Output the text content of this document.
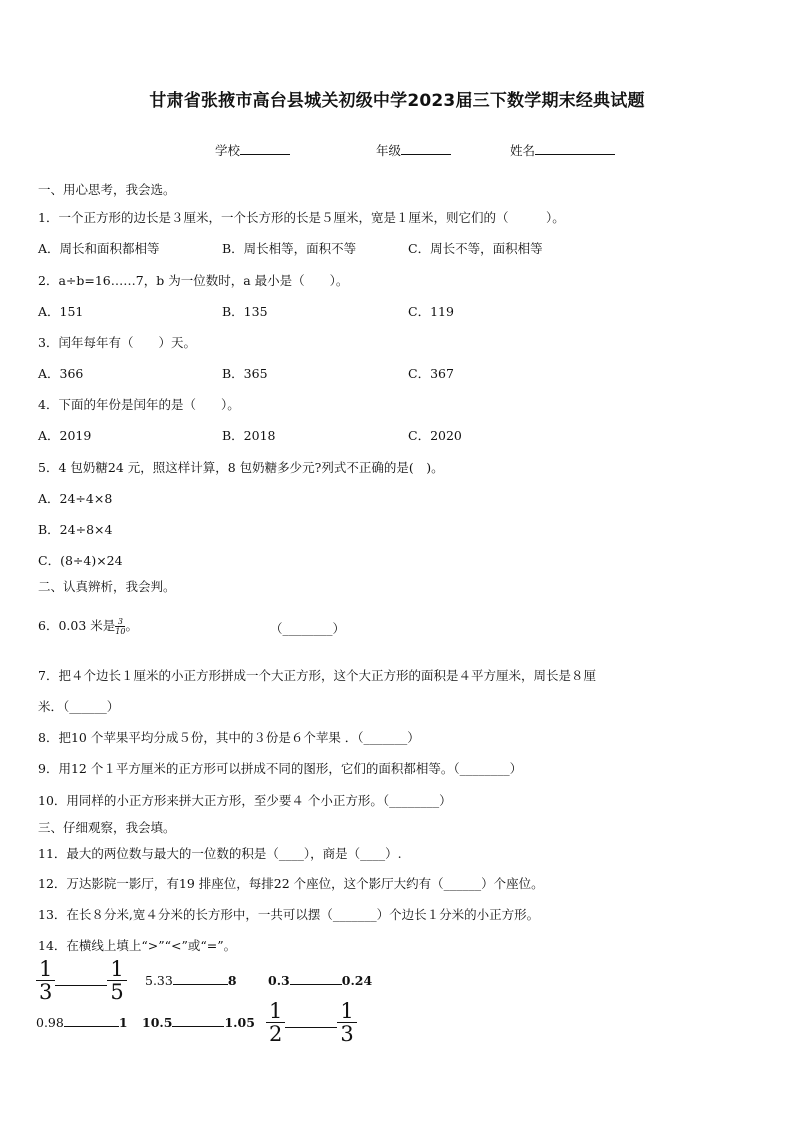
甘肃省张掖市高台县城关初级中学2023届三下数学期末经典试题
学校	年级	姓名
一、用心思考，我会选。
1．一个正方形的边长是３厘米，一个长方形的长是５厘米，宽是１厘米，则它们的（　　　）。
A．周长和面积都相等	B．周长相等，面积不等	C．周长不等，面积相等
2．a÷b=16……7，b 为一位数时，a 最小是（　　）。
A．151	B．135	C．119
3．闰年每年有（　　）天。
A．366	B．365	C．367
4．下面的年份是闰年的是（　　）。
A．2019	B．2018	C．2020
5．4 包奶糖24 元，照这样计算，8 包奶糖多少元?列式不正确的是(　)。
A．24÷4×8
B．24÷8×4
C．(8÷4)×24
二、认真辨析，我会判。
6．0.03 米是 $\frac{3}{10}$ 。	（________）
7．把４个边长１厘米的小正方形拼成一个大正方形，这个大正方形的面积是４平方厘米，周长是８厘
米．（______）
8．把10 个苹果平均分成５份，其中的３份是６个苹果 ．（_______）
9．用12 个１平方厘米的正方形可以拼成不同的图形，它们的面积都相等。（________）
10．用同样的小正方形来拼大正方形，至少要４ 个小正方形。（________）
三、仔细观察，我会填。
11．最大的两位数与最大的一位数的积是（____），商是（____）.
12．万达影院一影厅，有19 排座位，每排22 个座位，这个影厅大约有（______）个座位。
13．在长８分米,宽４分米的长方形中，一共可以摆（_______）个边长１分米的小正方形。
14．在横线上填上“>”“<”或“=”。
$\frac{1}{3} \frac{1}{5} 5.33$	8	0.3	0.24
0.98	1 10.5	$1.05 \frac{1}{2} \frac{1}{3}$
